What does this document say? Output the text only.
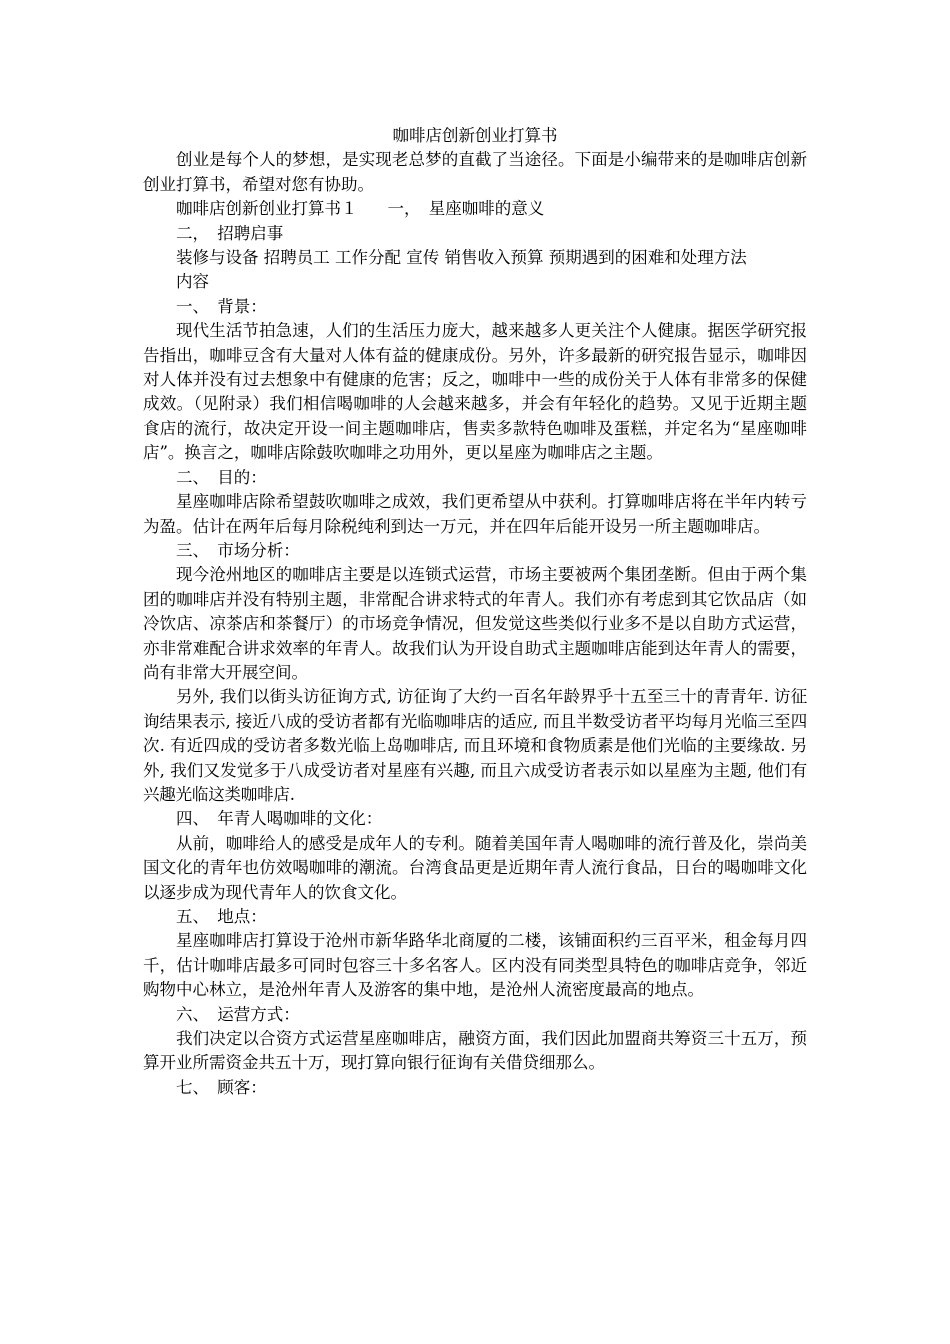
咖啡店创新创业打算书

创业是每个人的梦想，是实现老总梦的直截了当途径。下面是小编带来的是咖啡店创新创业打算书，希望对您有协助。

咖啡店创新创业打算书１ 一，　星座咖啡的意义

二，　招聘启事

装修与设备 招聘员工 工作分配 宣传 销售收入预算 预期遇到的困难和处理方法

内容

一、　背景：

现代生活节拍急速，人们的生活压力庞大，越来越多人更关注个人健康。据医学研究报告指出，咖啡豆含有大量对人体有益的健康成份。另外，许多最新的研究报告显示，咖啡因对人体并没有过去想象中有健康的危害；反之，咖啡中一些的成份关于人体有非常多的保健成效。（见附录）我们相信喝咖啡的人会越来越多，并会有年轻化的趋势。又见于近期主题食店的流行，故决定开设一间主题咖啡店，售卖多款特色咖啡及蛋糕，并定名为“星座咖啡店”。换言之，咖啡店除鼓吹咖啡之功用外，更以星座为咖啡店之主题。

二、　目的：

星座咖啡店除希望鼓吹咖啡之成效，我们更希望从中获利。打算咖啡店将在半年内转亏为盈。估计在两年后每月除税纯利到达一万元，并在四年后能开设另一所主题咖啡店。

三、　市场分析：

现今沧州地区的咖啡店主要是以连锁式运营，市场主要被两个集团垄断。但由于两个集团的咖啡店并没有特别主题，非常配合讲求特式的年青人。我们亦有考虑到其它饮品店（如冷饮店、凉茶店和茶餐厅）的市场竞争情况，但发觉这些类似行业多不是以自助方式运营，亦非常难配合讲求效率的年青人。故我们认为开设自助式主题咖啡店能到达年青人的需要，尚有非常大开展空间。

另外, 我们以街头访征询方式, 访征询了大约一百名年龄界乎十五至三十的青青年. 访征询结果表示, 接近八成的受访者都有光临咖啡店的适应, 而且半数受访者平均每月光临三至四次. 有近四成的受访者多数光临上岛咖啡店, 而且环境和食物质素是他们光临的主要缘故. 另外, 我们又发觉多于八成受访者对星座有兴趣, 而且六成受访者表示如以星座为主题, 他们有兴趣光临这类咖啡店.

四、　年青人喝咖啡的文化：

从前，咖啡给人的感受是成年人的专利。随着美国年青人喝咖啡的流行普及化，崇尚美国文化的青年也仿效喝咖啡的潮流。台湾食品更是近期年青人流行食品，日台的喝咖啡文化以逐步成为现代青年人的饮食文化。

五、　地点：

星座咖啡店打算设于沧州市新华路华北商厦的二楼，该铺面积约三百平米，租金每月四千，估计咖啡店最多可同时包容三十多名客人。区内没有同类型具特色的咖啡店竞争，邻近购物中心林立，是沧州年青人及游客的集中地，是沧州人流密度最高的地点。

六、　运营方式：

我们决定以合资方式运营星座咖啡店，融资方面，我们因此加盟商共筹资三十五万，预算开业所需资金共五十万，现打算向银行征询有关借贷细那么。

七、　顾客：
